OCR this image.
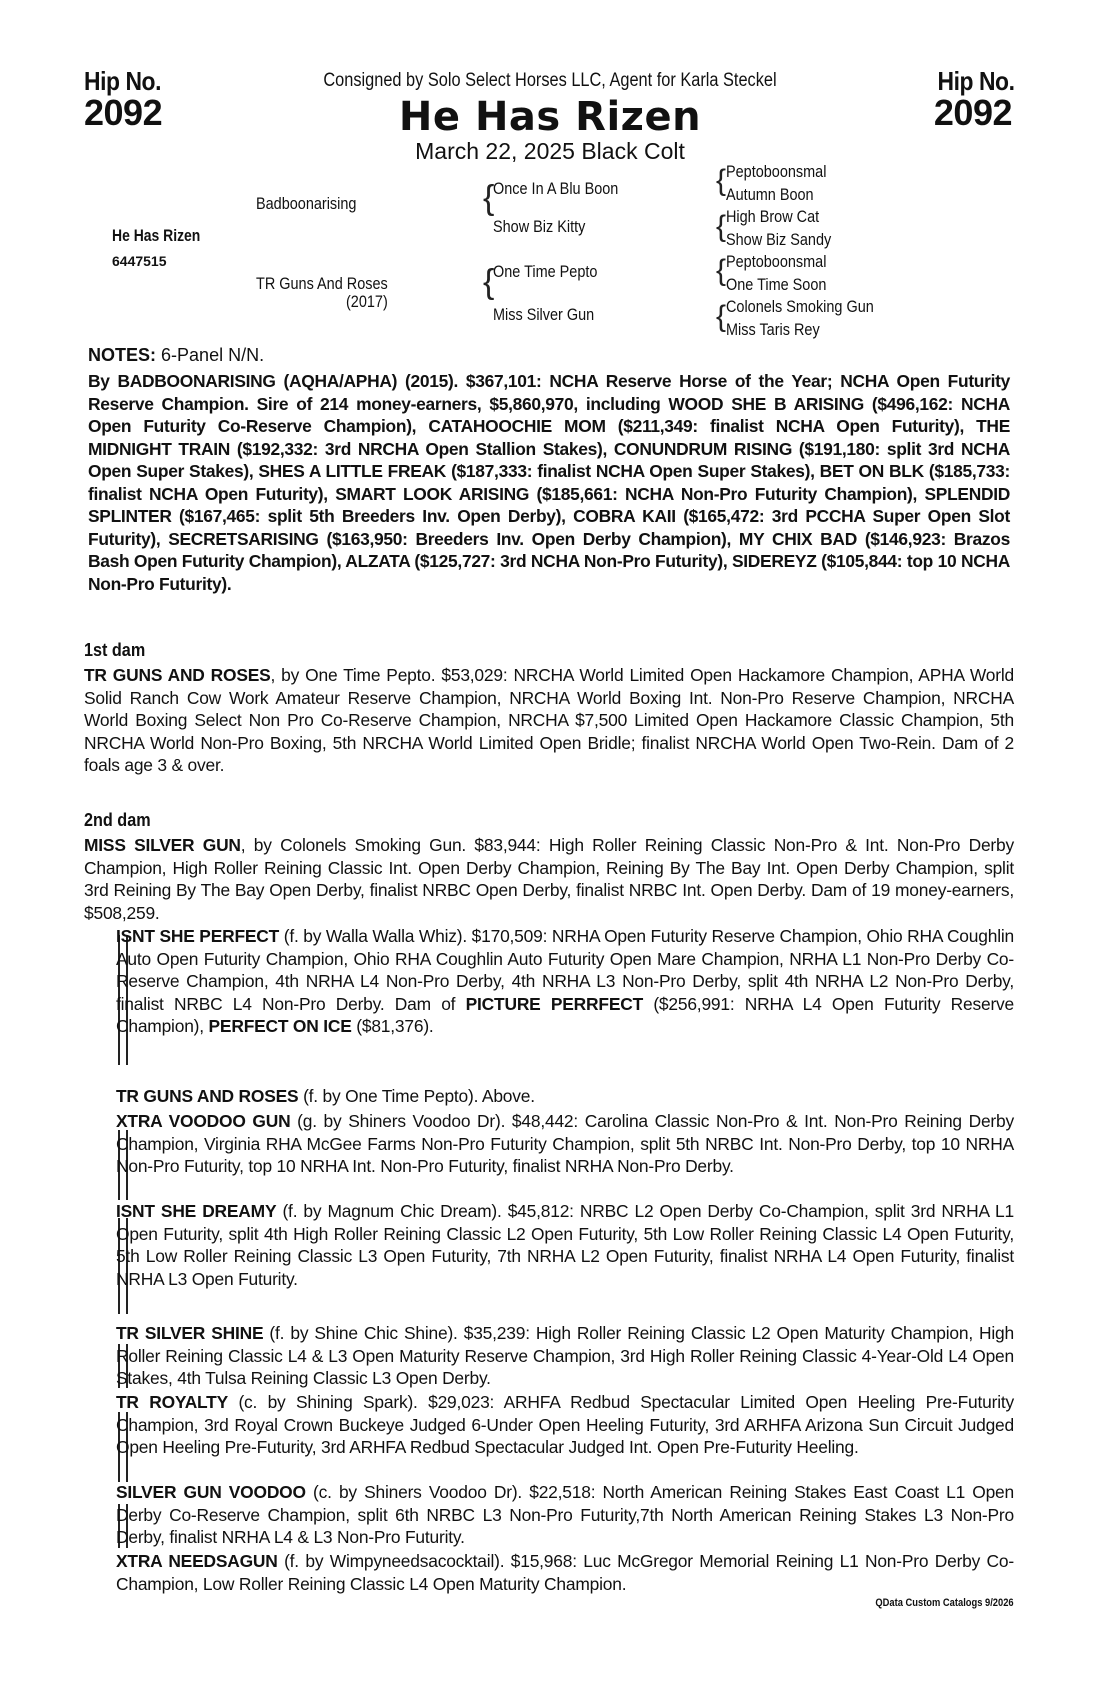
Hip No.
2092
Hip No.
2092
Consigned by Solo Select Horses LLC, Agent for Karla Steckel
He Has Rizen
March 22, 2025 Black Colt
He Has Rizen
6447515
Badboonarising
TR Guns And Roses
(2017)
{
Once In A Blu Boon
Show Biz Kitty
{
One Time Pepto
Miss Silver Gun
{ Peptoboonsmal
Autumn Boon
{ High Brow Cat
Show Biz Sandy
{ Peptoboonsmal
One Time Soon
{ Colonels Smoking Gun
Miss Taris Rey
NOTES: 6-Panel N/N.
By BADBOONARISING (AQHA/APHA) (2015). $367,101: NCHA Reserve Horse of the Year; NCHA Open Futurity Reserve Champion. Sire of 214 money-earners, $5,860,970, including WOOD SHE B ARISING ($496,162: NCHA Open Futurity Co-Reserve Champion), CATAHOOCHIE MOM ($211,349: finalist NCHA Open Futurity), THE MIDNIGHT TRAIN ($192,332: 3rd NRCHA Open Stallion Stakes), CONUNDRUM RISING ($191,180: split 3rd NCHA Open Super Stakes), SHES A LITTLE FREAK ($187,333: finalist NCHA Open Super Stakes), BET ON BLK ($185,733: finalist NCHA Open Futurity), SMART LOOK ARISING ($185,661: NCHA Non-Pro Futurity Champion), SPLENDID SPLINTER ($167,465: split 5th Breeders Inv. Open Derby), COBRA KAII ($165,472: 3rd PCCHA Super Open Slot Futurity), SECRETSARISING ($163,950: Breeders Inv. Open Derby Champion), MY CHIX BAD ($146,923: Brazos Bash Open Futurity Champion), ALZATA ($125,727: 3rd NCHA Non-Pro Futurity), SIDEREYZ ($105,844: top 10 NCHA Non-Pro Futurity).
1st dam
TR GUNS AND ROSES, by One Time Pepto. $53,029: NRCHA World Limited Open Hackamore Champion, APHA World Solid Ranch Cow Work Amateur Reserve Champion, NRCHA World Boxing Int. Non-Pro Reserve Champion, NRCHA World Boxing Select Non Pro Co-Reserve Champion, NRCHA $7,500 Limited Open Hackamore Classic Champion, 5th NRCHA World Non-Pro Boxing, 5th NRCHA World Limited Open Bridle; finalist NRCHA World Open Two-Rein. Dam of 2 foals age 3 & over.
2nd dam
MISS SILVER GUN, by Colonels Smoking Gun. $83,944: High Roller Reining Classic Non-Pro & Int. Non-Pro Derby Champion, High Roller Reining Classic Int. Open Derby Champion, Reining By The Bay Int. Open Derby Champion, split 3rd Reining By The Bay Open Derby, finalist NRBC Open Derby, finalist NRBC Int. Open Derby. Dam of 19 money-earners, $508,259.
ISNT SHE PERFECT (f. by Walla Walla Whiz). $170,509: NRHA Open Futurity Reserve Champion, Ohio RHA Coughlin Auto Open Futurity Champion, Ohio RHA Coughlin Auto Futurity Open Mare Champion, NRHA L1 Non-Pro Derby Co-Reserve Champion, 4th NRHA L4 Non-Pro Derby, 4th NRHA L3 Non-Pro Derby, split 4th NRHA L2 Non-Pro Derby, finalist NRBC L4 Non-Pro Derby. Dam of PICTURE PERRFECT ($256,991: NRHA L4 Open Futurity Reserve Champion), PERFECT ON ICE ($81,376).
TR GUNS AND ROSES (f. by One Time Pepto). Above.
XTRA VOODOO GUN (g. by Shiners Voodoo Dr). $48,442: Carolina Classic Non-Pro & Int. Non-Pro Reining Derby Champion, Virginia RHA McGee Farms Non-Pro Futurity Champion, split 5th NRBC Int. Non-Pro Derby, top 10 NRHA Non-Pro Futurity, top 10 NRHA Int. Non-Pro Futurity, finalist NRHA Non-Pro Derby.
ISNT SHE DREAMY (f. by Magnum Chic Dream). $45,812: NRBC L2 Open Derby Co-Champion, split 3rd NRHA L1 Open Futurity, split 4th High Roller Reining Classic L2 Open Futurity, 5th Low Roller Reining Classic L4 Open Futurity, 5th Low Roller Reining Classic L3 Open Futurity, 7th NRHA L2 Open Futurity, finalist NRHA L4 Open Futurity, finalist NRHA L3 Open Futurity.
TR SILVER SHINE (f. by Shine Chic Shine). $35,239: High Roller Reining Classic L2 Open Maturity Champion, High Roller Reining Classic L4 & L3 Open Maturity Reserve Champion, 3rd High Roller Reining Classic 4-Year-Old L4 Open Stakes, 4th Tulsa Reining Classic L3 Open Derby.
TR ROYALTY (c. by Shining Spark). $29,023: ARHFA Redbud Spectacular Limited Open Heeling Pre-Futurity Champion, 3rd Royal Crown Buckeye Judged 6-Under Open Heeling Futurity, 3rd ARHFA Arizona Sun Circuit Judged Open Heeling Pre-Futurity, 3rd ARHFA Redbud Spectacular Judged Int. Open Pre-Futurity Heeling.
SILVER GUN VOODOO (c. by Shiners Voodoo Dr). $22,518: North American Reining Stakes East Coast L1 Open Derby Co-Reserve Champion, split 6th NRBC L3 Non-Pro Futurity,7th North American Reining Stakes L3 Non-Pro Derby, finalist NRHA L4 & L3 Non-Pro Futurity.
XTRA NEEDSAGUN (f. by Wimpyneedsacocktail). $15,968: Luc McGregor Memorial Reining L1 Non-Pro Derby Co-Champion, Low Roller Reining Classic L4 Open Maturity Champion.
QData Custom Catalogs 9/2026
